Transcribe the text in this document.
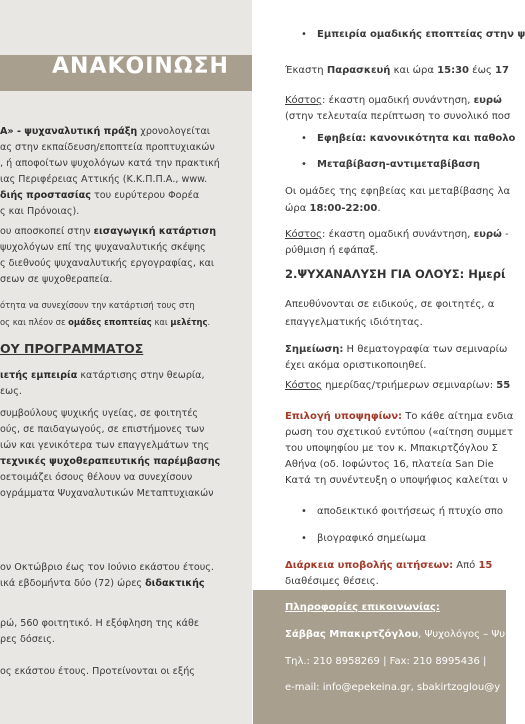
ΑΝΑΚΟΙΝΩΣΗ
Α» - ψυχαναλυτική πράξη χρονολογείται
ας στην εκπαίδευση/εποπτεία προπτυχιακών
, ή αποφοίτων ψυχολόγων κατά την πρακτική
ιας Περιφέρειας Αττικής (Κ.Κ.Π.Π.Α., www.
διής προστασίας του ευρύτερου Φορέα
ς και Πρόνοιας).
ου αποσκοπεί στην εισαγωγική κατάρτιση
ψυχολόγων επί της ψυχαναλυτικής σκέψης
ς διεθνούς ψυχαναλυτικής εργογραφίας, και
σεων σε ψυχοθεραπεία.
ότητα να συνεχίσουν την κατάρτισή τους στη
ος και πλέον σε ομάδες εποπτείας και μελέτης.
ΟΥ ΠΡΟΓΡΑΜΜΑΤΟΣ
ιετής εμπειρία κατάρτισης στην θεωρία,
εως.
συμβούλους ψυχικής υγείας, σε φοιτητές
ούς, σε παιδαγωγούς, σε επιστήμονες των
ιών και γενικότερα των επαγγελμάτων της
τεχνικές ψυχοθεραπευτικής παρέμβασης
οετοιμάζει όσους θέλουν να συνεχίσουν
ογράμματα Ψυχαναλυτικών Μεταπτυχιακών
ον Οκτώβριο έως τον Ιούνιο εκάστου έτους.
ικά εβδομήντα δύο (72) ώρες διδακτικής
ρώ, 560 φοιτητικό. Η εξόφληση της κάθε
ρες δόσεις.
ος εκάστου έτους. Προτείνονται οι εξής
• Εμπειρία ομαδικής εποπτείας στην ψ
Έκαστη Παρασκευή και ώρα 15:30 έως 17
Κόστος: έκαστη ομαδική συνάντηση, ευρώ
(στην τελευταία περίπτωση το συνολικό ποσ
• Εφηβεία: κανονικότητα και παθολο
• Μεταβίβαση-αντιμεταβίβαση
Οι ομάδες της εφηβείας και μεταβίβασης λα
ώρα 18:00-22:00.
Κόστος: έκαστη ομαδική συνάντηση, ευρώ -
ρύθμιση ή εφάπαξ.
2.ΨΥΧΑΝΑΛΥΣΗ ΓΙΑ ΟΛΟΥΣ: Ημερί
Απευθύνονται σε ειδικούς, σε φοιτητές, α
επαγγελματικής ιδιότητας.
Σημείωση: Η θεματογραφία των σεμιναρίω
έχει ακόμα οριστικοποιηθεί.
Κόστος ημερίδας/τριήμερων σεμιναρίων: 55
Επιλογή υποψηφίων: Το κάθε αίτημα ενδια
ρωση του σχετικού εντύπου («αίτηση συμμετ
του υποψηφίου με τον κ. Μπακιρτζόγλου Σ
Αθήνα (οδ. Ιοφώντος 16, πλατεία San Die
Κατά τη συνέντευξη ο υποψήφιος καλείται ν
• αποδεικτικό φοιτήσεως ή πτυχίο σπο
• βιογραφικό σημείωμα
Διάρκεια υποβολής αιτήσεων: Από 15
διαθέσιμες θέσεις.
Πληροφορίες επικοινωνίας:
Σάββας Μπακιρτζόγλου, Ψυχολόγος – Ψυ
Τηλ.: 210 8958269 | Fax: 210 8995436 |
e-mail: info@epekeina.gr, sbakirtzoglou@y
